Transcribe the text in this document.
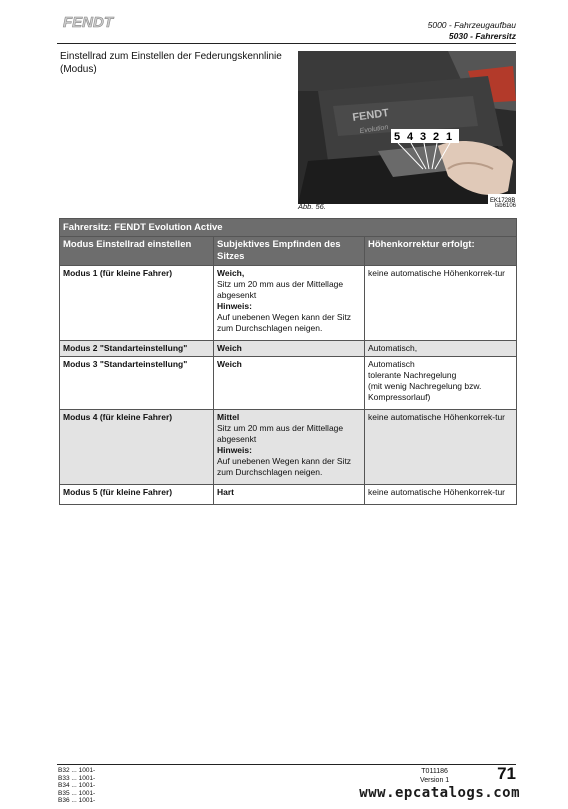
FENDT	5000 - Fahrzeugaufbau
5030 - Fahrersitz
Einstellrad zum Einstellen der Federungskennlinie (Modus)
FENDT
Evolution
5 4 3 2 1
EK1728B
Abb. 56.	lsb6106
Fahrersitz: FENDT Evolution Active		
Modus Einstellrad einstellen	Subjektives Empfinden des Sitzes	Höhenkorrektur erfolgt:
Modus 1 (für kleine Fahrer)	Weich,
Sitz um 20 mm aus der Mittellage abgesenkt
Hinweis:
Auf unebenen Wegen kann der Sitz zum Durchschlagen neigen.	keine automatische Höhenkorrek-tur
Modus 2 "Standarteinstellung"	Weich	Automatisch,
Modus 3 "Standarteinstellung"	Weich	Automatisch
tolerante Nachregelung
(mit wenig Nachregelung bzw. Kompressorlauf)

Modus 4 (für kleine Fahrer)	Mittel
Sitz um 20 mm aus der Mittellage abgesenkt
Hinweis:
Auf unebenen Wegen kann der Sitz zum Durchschlagen neigen.	keine automatische Höhenkorrek-tur
Modus 5 (für kleine Fahrer)	Hart	keine automatische Höhenkorrek-tur
B32 ... 1001-
B33 ... 1001-
B34 ... 1001-
B35 ... 1001-
B36 ... 1001-
T011186
Version 1	71
www.epcatalogs.com
